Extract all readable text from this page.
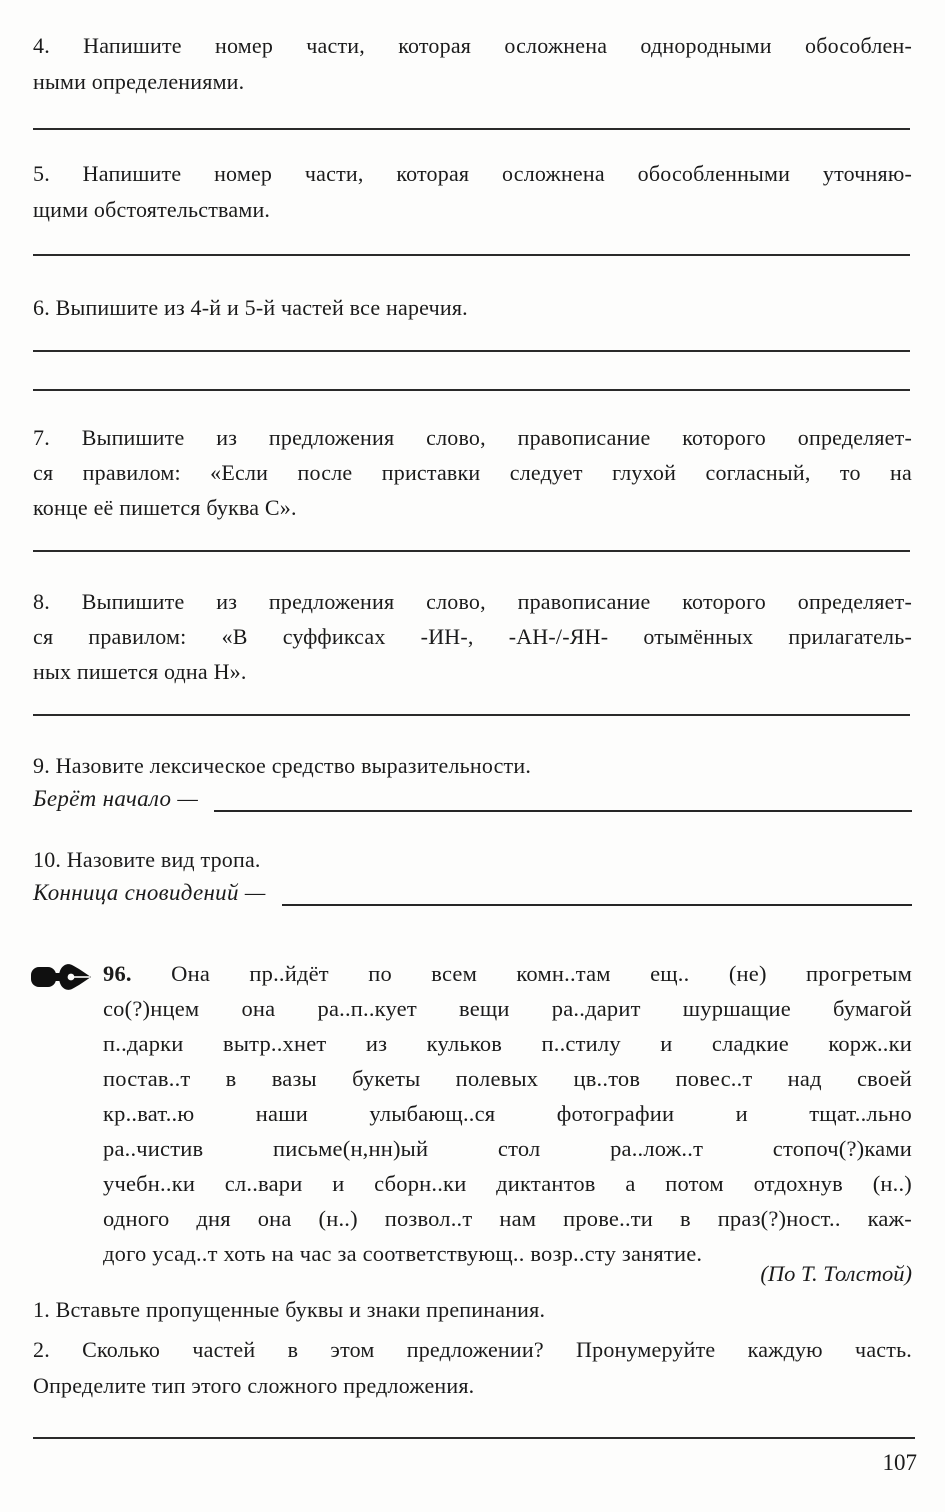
4. Напишите номер части, которая осложнена однородными обособлен-
ными определениями.
5. Напишите номер части, которая осложнена обособленными уточняю-
щими обстоятельствами.
6. Выпишите из 4-й и 5-й частей все наречия.
7. Выпишите из предложения слово, правописание которого определяет-
ся правилом: «Если после приставки следует глухой согласный, то на
конце её пишется буква С».
8. Выпишите из предложения слово, правописание которого определяет-
ся правилом: «В суффиксах -ИН-, -АН-/-ЯН- отымённых прилагатель-
ных пишется одна Н».
9. Назовите лексическое средство выразительности.
Берёт начало —
10. Назовите вид тропа.
Конница сновидений —
96. Она пр..йдёт по всем комн..там ещ.. (не) прогретым
со(?)нцем она ра..п..кует вещи ра..дарит шуршащие бумагой
п..дарки вытр..хнет из кульков п..стилу и сладкие корж..ки
постав..т в вазы букеты полевых цв..тов повес..т над своей
кр..ват..ю наши улыбающ..ся фотографии и тщат..льно
ра..чистив письме(н,нн)ый стол ра..лож..т стопоч(?)ками
учебн..ки сл..вари и сборн..ки диктантов а потом отдохнув (н..)
одного дня она (н..) позвол..т нам прове..ти в праз(?)ност.. каж-
дого усад..т хоть на час за соответствующ.. возр..сту занятие.
(По Т. Толстой)
1. Вставьте пропущенные буквы и знаки препинания.
2. Сколько частей в этом предложении? Пронумеруйте каждую часть.
Определите тип этого сложного предложения.
107
